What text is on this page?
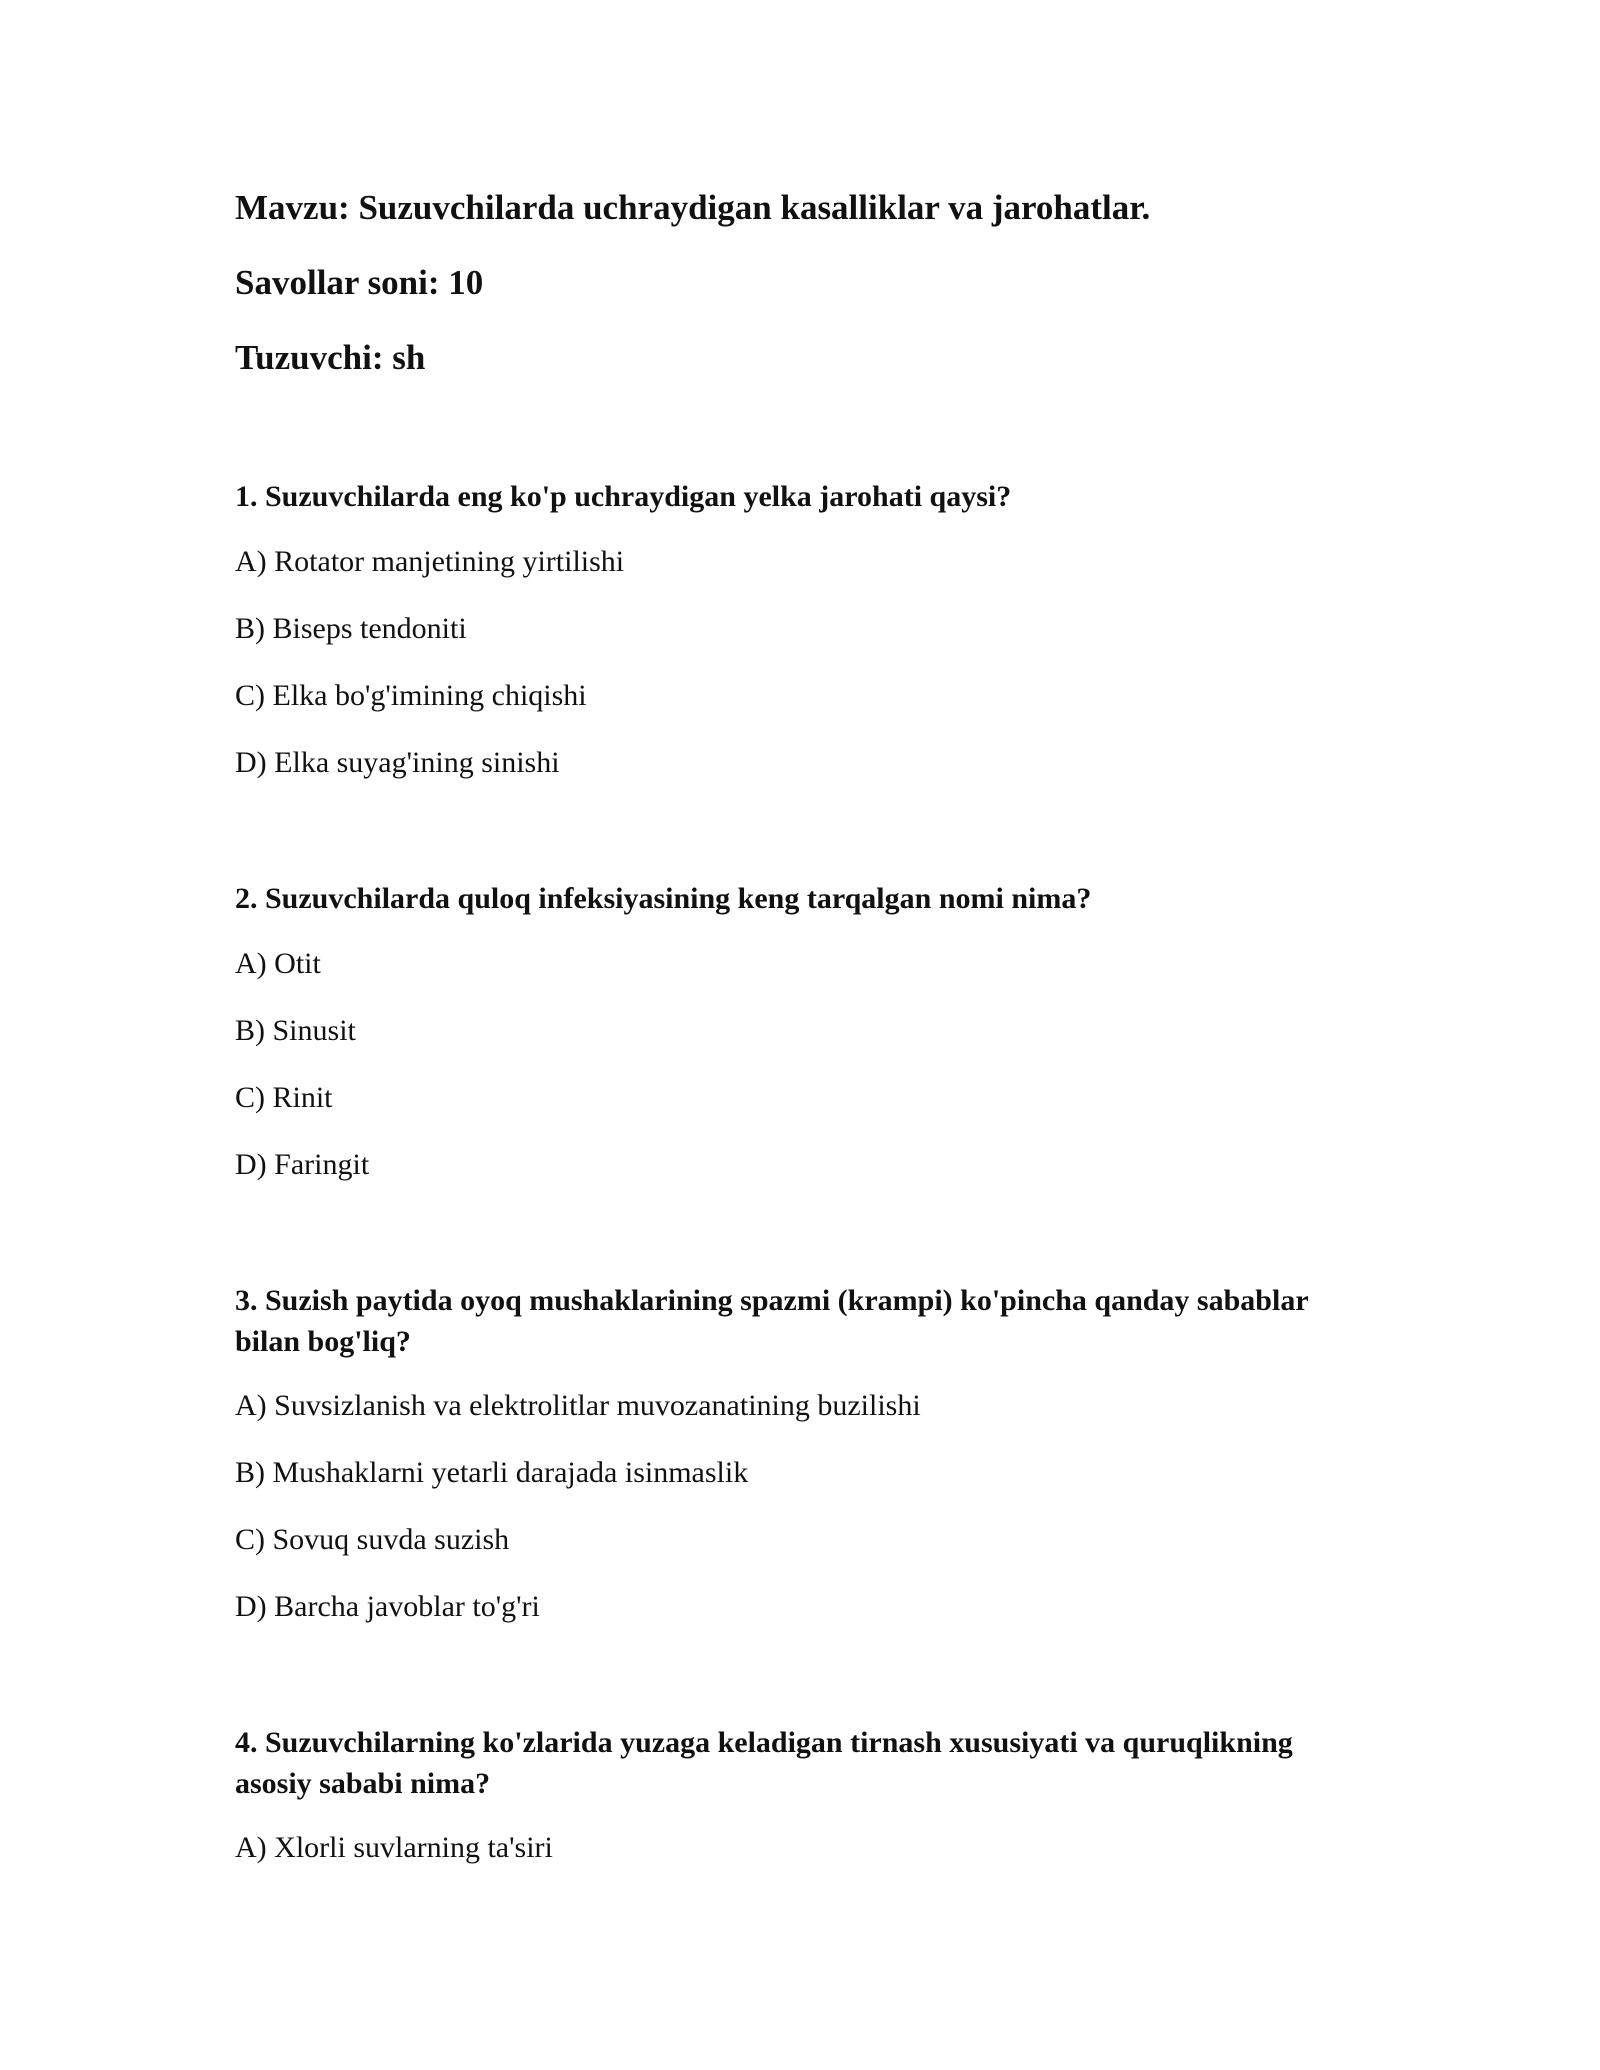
Mavzu: Suzuvchilarda uchraydigan kasalliklar va jarohatlar.
Savollar soni: 10
Tuzuvchi: sh
1. Suzuvchilarda eng ko'p uchraydigan yelka jarohati qaysi?
A) Rotator manjetining yirtilishi
B) Biseps tendoniti
C) Elka bo'g'imining chiqishi
D) Elka suyag'ining sinishi
2. Suzuvchilarda quloq infeksiyasining keng tarqalgan nomi nima?
A) Otit
B) Sinusit
C) Rinit
D) Faringit
3. Suzish paytida oyoq mushaklarining spazmi (krampi) ko'pincha qanday sabablar bilan bog'liq?
A) Suvsizlanish va elektrolitlar muvozanatining buzilishi
B) Mushaklarni yetarli darajada isinmaslik
C) Sovuq suvda suzish
D) Barcha javoblar to'g'ri
4. Suzuvchilarning ko'zlarida yuzaga keladigan tirnash xususiyati va quruqlikning asosiy sababi nima?
A) Xlorli suvlarning ta'siri
